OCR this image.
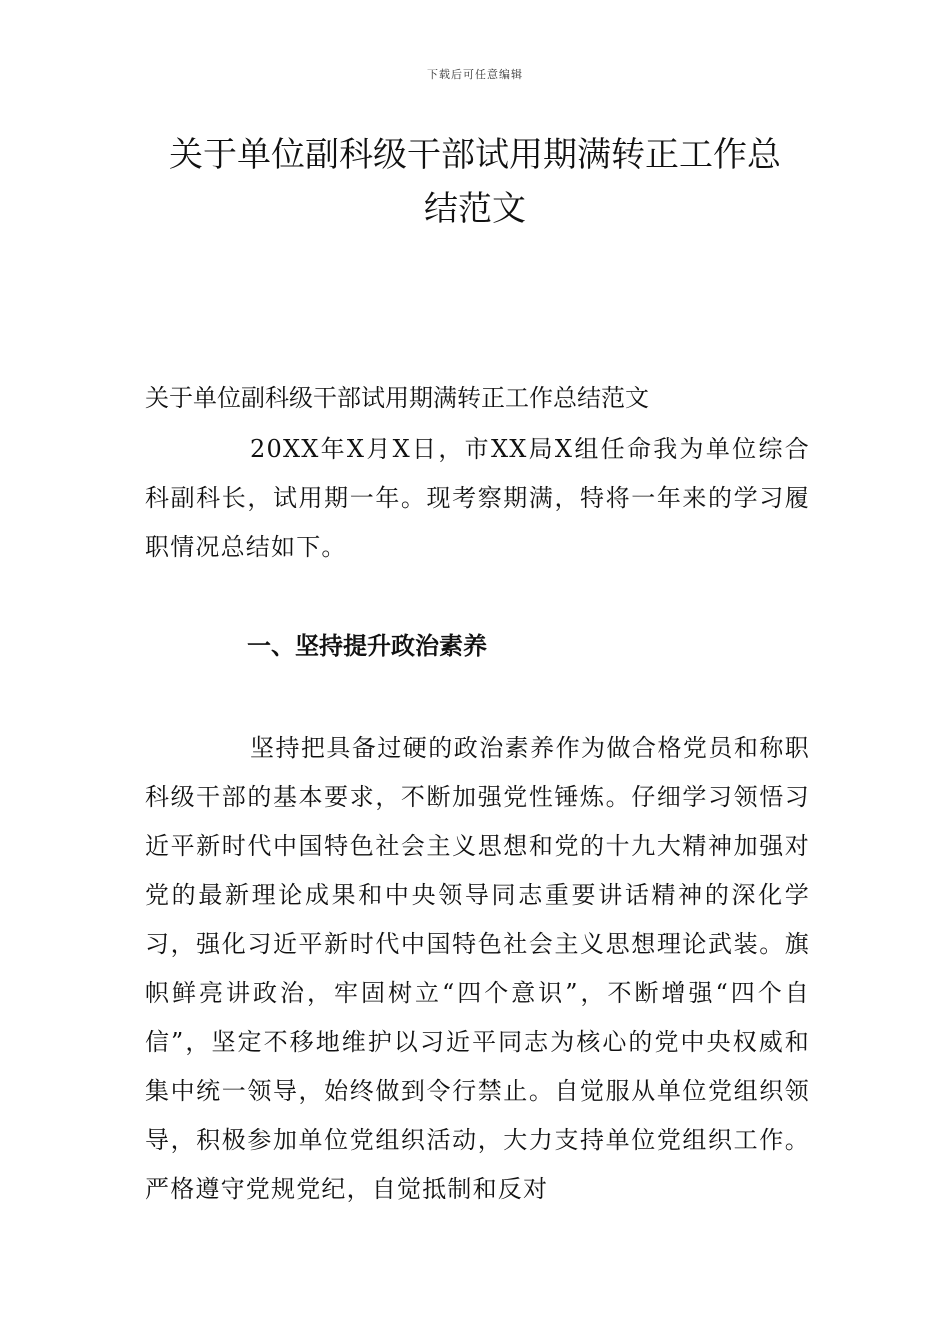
下载后可任意编辑
关于单位副科级干部试用期满转正工作总
结范文

关于单位副科级干部试用期满转正工作总结范文

20XX年X月X日，市XX局X组任命我为单位综合科副科长，试用期一年。现考察期满，特将一年来的学习履职情况总结如下。

一、坚持提升政治素养

坚持把具备过硬的政治素养作为做合格党员和称职科级干部的基本要求，不断加强党性锤炼。仔细学习领悟习近平新时代中国特色社会主义思想和党的十九大精神加强对党的最新理论成果和中央领导同志重要讲话精神的深化学习，强化习近平新时代中国特色社会主义思想理论武装。旗帜鲜亮讲政治，牢固树立“四个意识”，不断增强“四个自信”，坚定不移地维护以习近平同志为核心的党中央权威和集中统一领导，始终做到令行禁止。自觉服从单位党组织领导，积极参加单位党组织活动，大力支持单位党组织工作。严格遵守党规党纪，自觉抵制和反对
